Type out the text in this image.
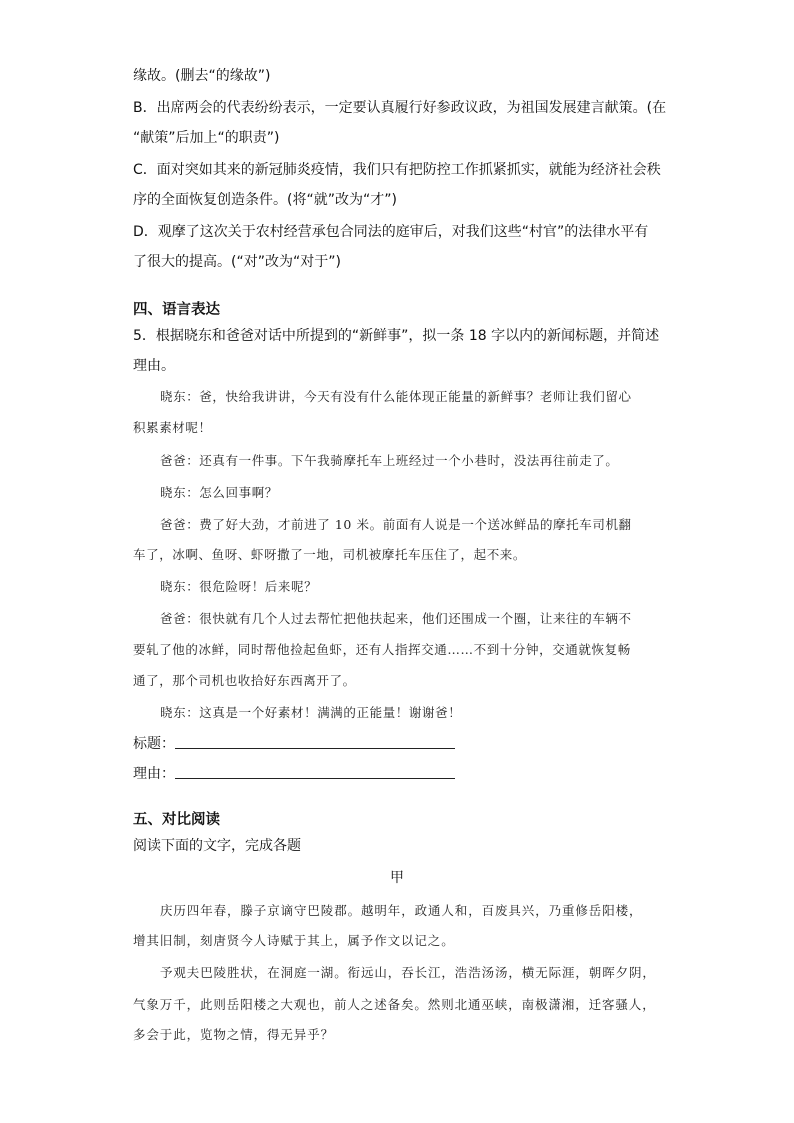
缘故。(删去“的缘故”)
B．出席两会的代表纷纷表示，一定要认真履行好参政议政，为祖国发展建言献策。(在
“献策”后加上“的职责”)
C．面对突如其来的新冠肺炎疫情，我们只有把防控工作抓紧抓实，就能为经济社会秩
序的全面恢复创造条件。(将“就”改为“才”)
D．观摩了这次关于农村经营承包合同法的庭审后，对我们这些“村官”的法律水平有
了很大的提高。(“对”改为“对于”)
四、语言表达
5．根据晓东和爸爸对话中所提到的“新鲜事”，拟一条 18 字以内的新闻标题，并简述
理由。
晓东：爸，快给我讲讲，今天有没有什么能体现正能量的新鲜事？老师让我们留心
积累素材呢！
爸爸：还真有一件事。下午我骑摩托车上班经过一个小巷时，没法再往前走了。
晓东：怎么回事啊？
爸爸：费了好大劲，才前进了 10 米。前面有人说是一个送冰鲜品的摩托车司机翻
车了，冰啊、鱼呀、虾呀撒了一地，司机被摩托车压住了，起不来。
晓东：很危险呀！后来呢？
爸爸：很快就有几个人过去帮忙把他扶起来，他们还围成一个圈，让来往的车辆不
要轧了他的冰鲜，同时帮他捡起鱼虾，还有人指挥交通……不到十分钟，交通就恢复畅
通了，那个司机也收拾好东西离开了。
晓东：这真是一个好素材！满满的正能量！谢谢爸！
标题：
理由：
五、对比阅读
阅读下面的文字，完成各题
甲
庆历四年春，滕子京谪守巴陵郡。越明年，政通人和，百废具兴，乃重修岳阳楼，
增其旧制，刻唐贤今人诗赋于其上，属予作文以记之。
予观夫巴陵胜状，在洞庭一湖。衔远山，吞长江，浩浩汤汤，横无际涯，朝晖夕阴，
气象万千，此则岳阳楼之大观也，前人之述备矣。然则北通巫峡，南极潇湘，迁客骚人，
多会于此，览物之情，得无异乎？
